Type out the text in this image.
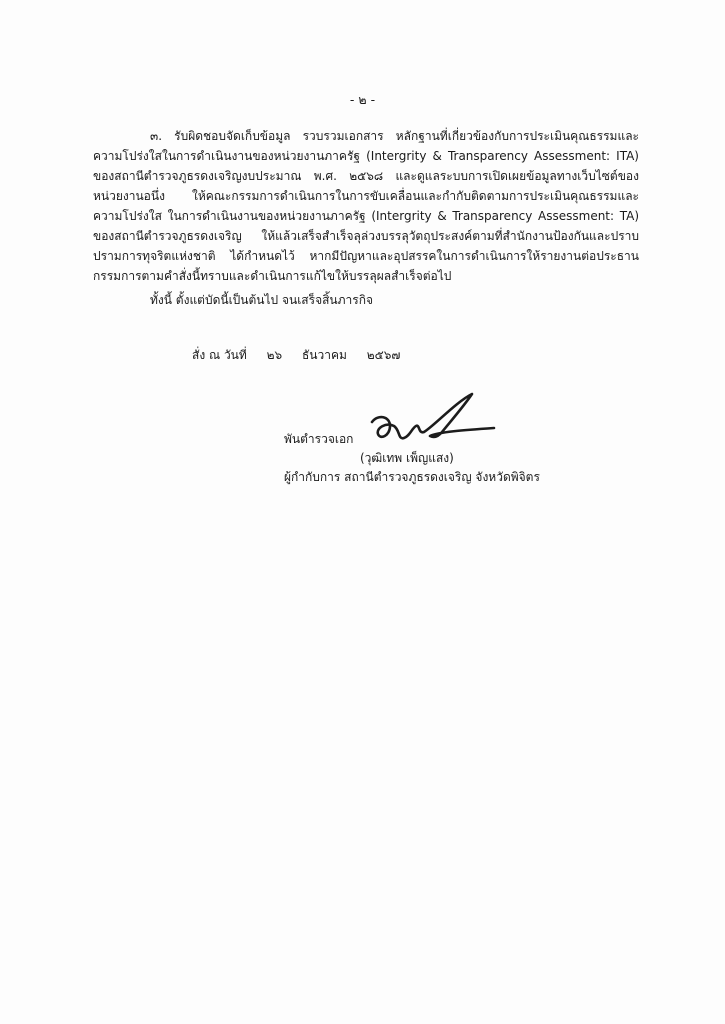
- ๒ -

๓. รับผิดชอบจัดเก็บข้อมูล รวบรวมเอกสาร หลักฐานที่เกี่ยวข้องกับการประเมินคุณธรรมและ ความโปร่งใสในการดำเนินงานของหน่วยงานภาครัฐ (Intergrity & Transparency Assessment: ITA) ของสถานีตำรวจภูธรดงเจริญงบประมาณ พ.ศ. ๒๕๖๘ และดูแลระบบการเปิดเผยข้อมูลทางเว็บไซต์ของหน่วยงานอนึ่ง ให้คณะกรรมการดำเนินการในการขับเคลื่อนและกำกับติดตามการประเมินคุณธรรมและความโปร่งใส ในการดำเนินงานของหน่วยงานภาครัฐ (Intergrity & Transparency Assessment: TA) ของสถานีตำรวจภูธรดงเจริญ ให้แล้วเสร็จสำเร็จลุล่วงบรรลุวัตถุประสงค์ตามที่สำนักงานป้องกันและปราบปรามการทุจริตแห่งชาติ ได้กำหนดไว้ หากมีปัญหาและอุปสรรคในการดำเนินการให้รายงานต่อประธานกรรมการตามคำสั่งนี้ทราบและดำเนินการแก้ไขให้บรรลุผลสำเร็จต่อไป

ทั้งนี้ ตั้งแต่บัดนี้เป็นต้นไป จนเสร็จสิ้นภารกิจ
สั่ง ณ วันที่ ๒๖ ธันวาคม ๒๕๖๗
พันตำรวจเอก
(วุฒิเทพ เพ็ญแสง)
ผู้กำกับการ สถานีตำรวจภูธรดงเจริญ จังหวัดพิจิตร
